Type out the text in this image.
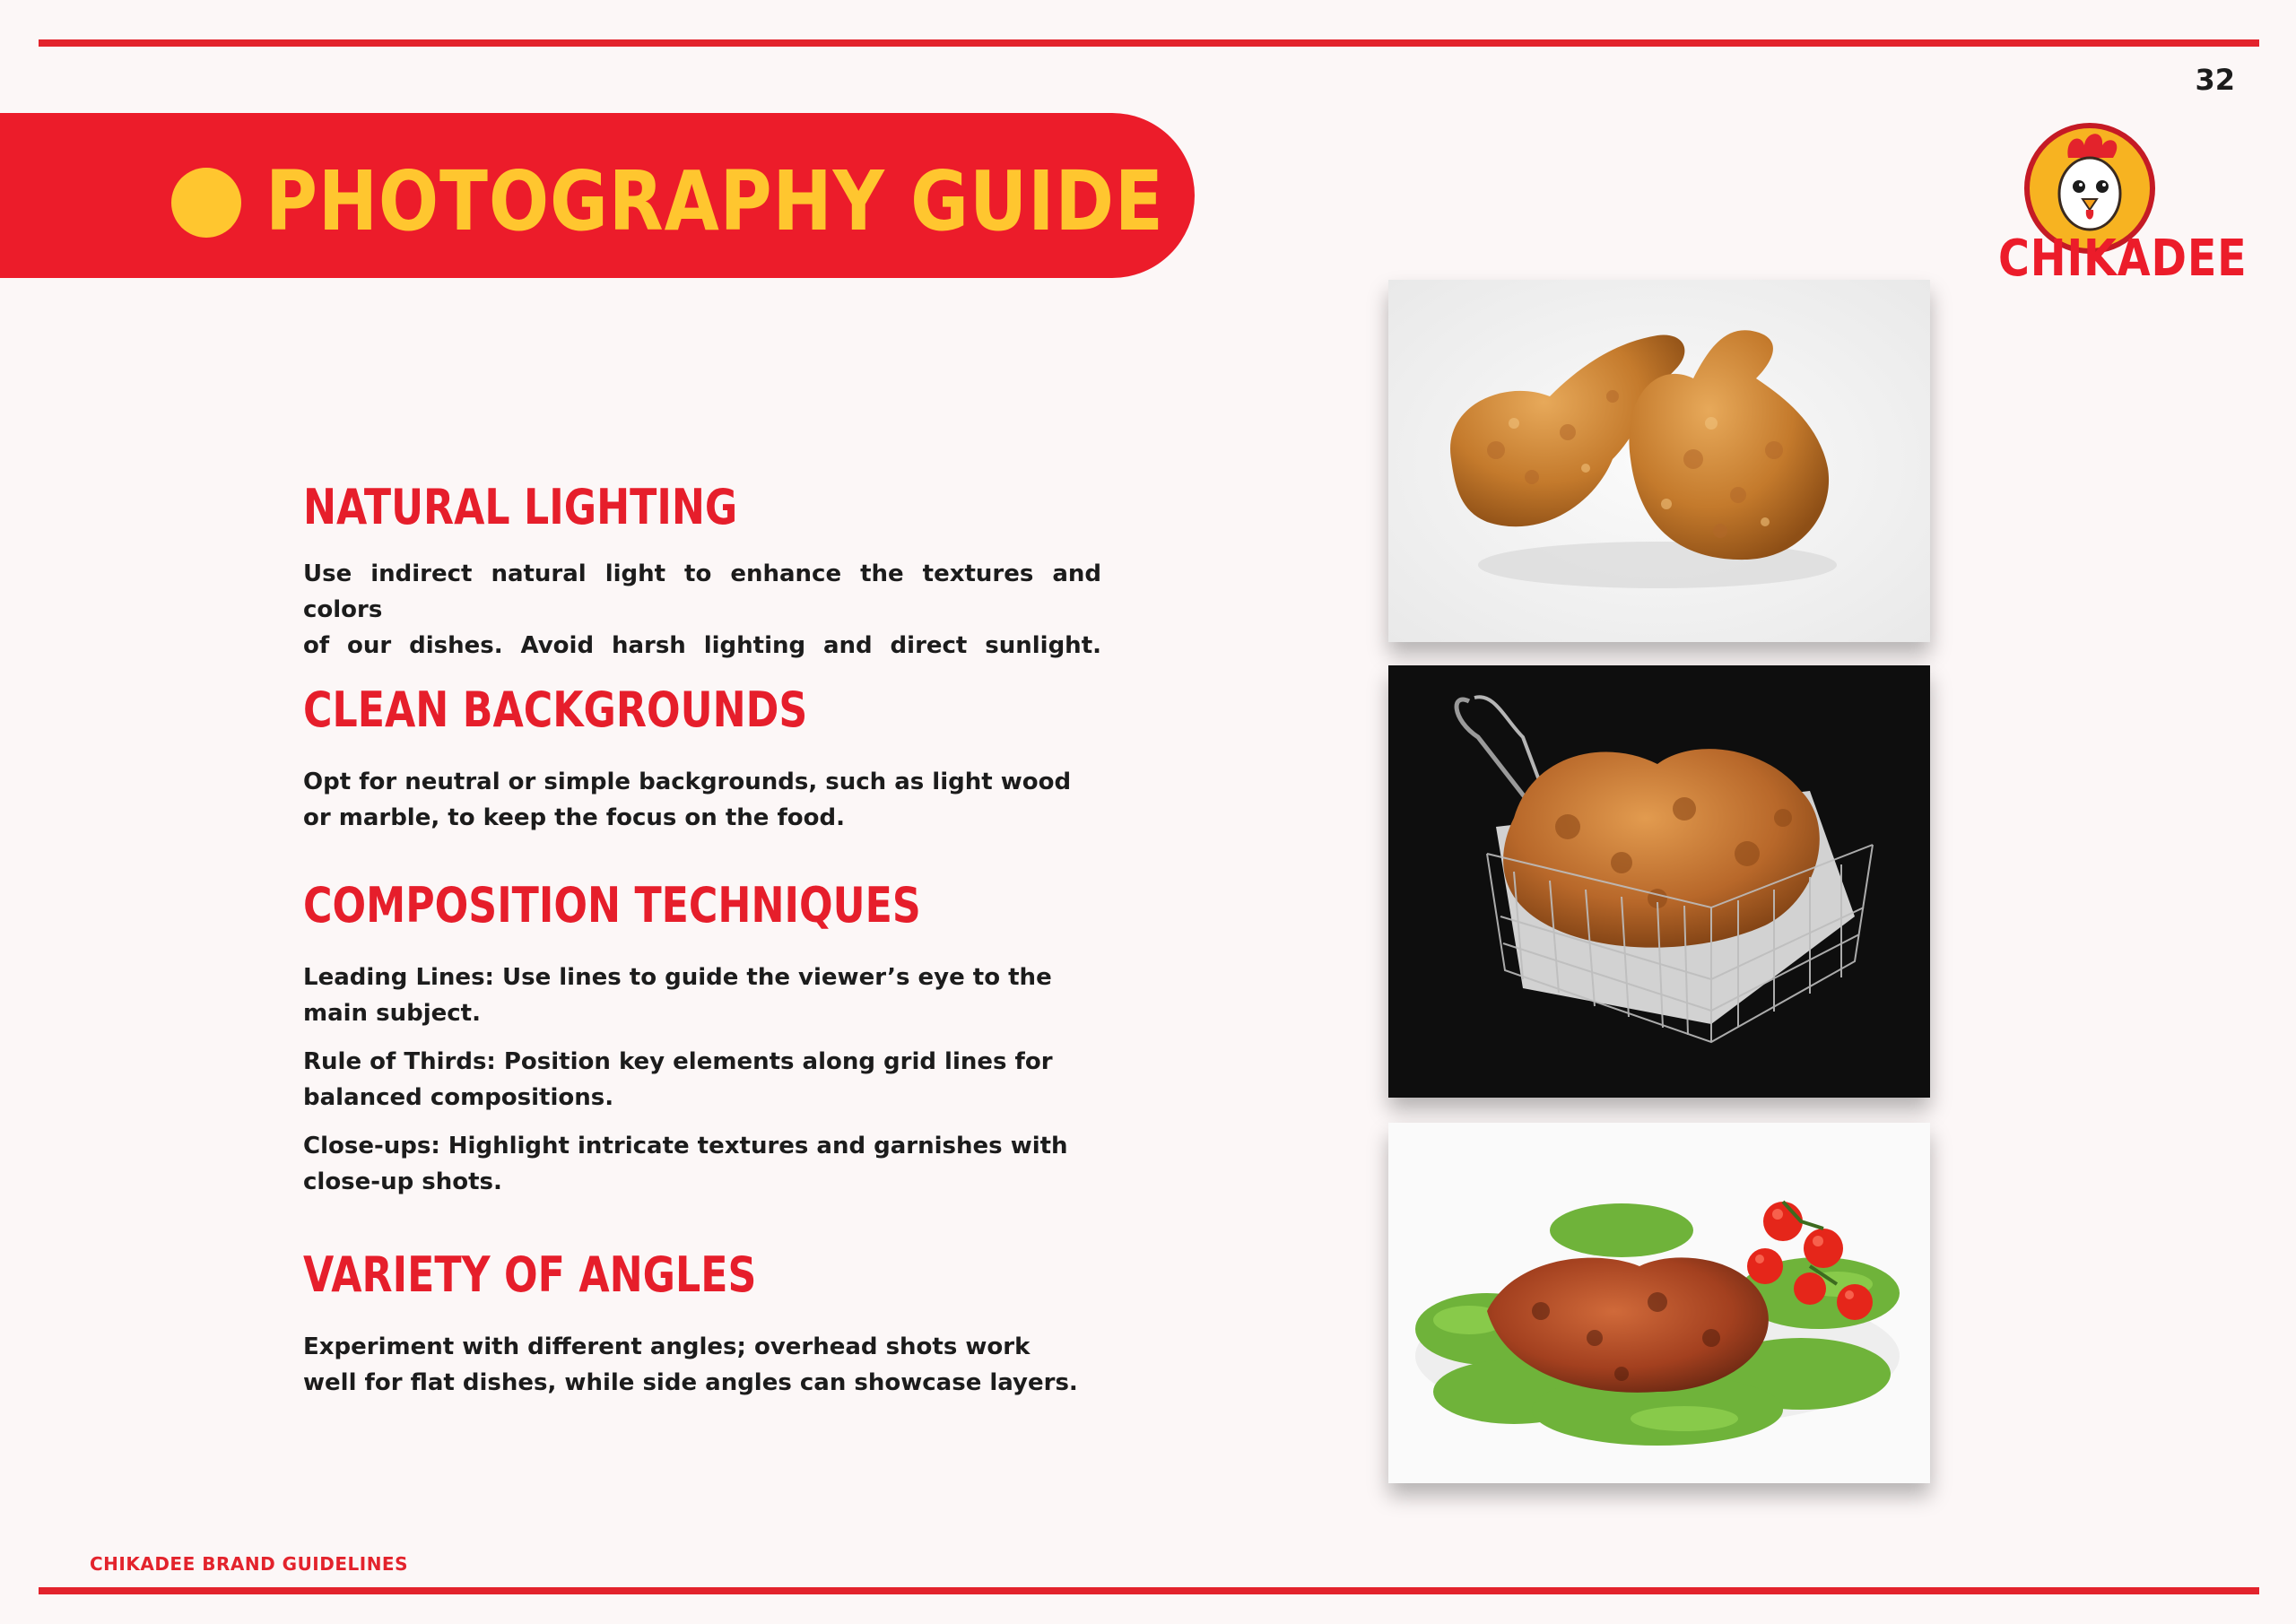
32
PHOTOGRAPHY GUIDE
CHIKADEE
NATURAL LIGHTING

Use indirect natural light to enhance the textures and colors
of our dishes. Avoid harsh lighting and direct sunlight.

CLEAN BACKGROUNDS

Opt for neutral or simple backgrounds, such as light wood
or marble, to keep the focus on the food.

COMPOSITION TECHNIQUES

Leading Lines: Use lines to guide the viewer’s eye to the
main subject.

Rule of Thirds: Position key elements along grid lines for
balanced compositions.

Close-ups: Highlight intricate textures and garnishes with
close-up shots.

VARIETY OF ANGLES

Experiment with different angles; overhead shots work
well for flat dishes, while side angles can showcase layers.

CHIKADEE BRAND GUIDELINES
